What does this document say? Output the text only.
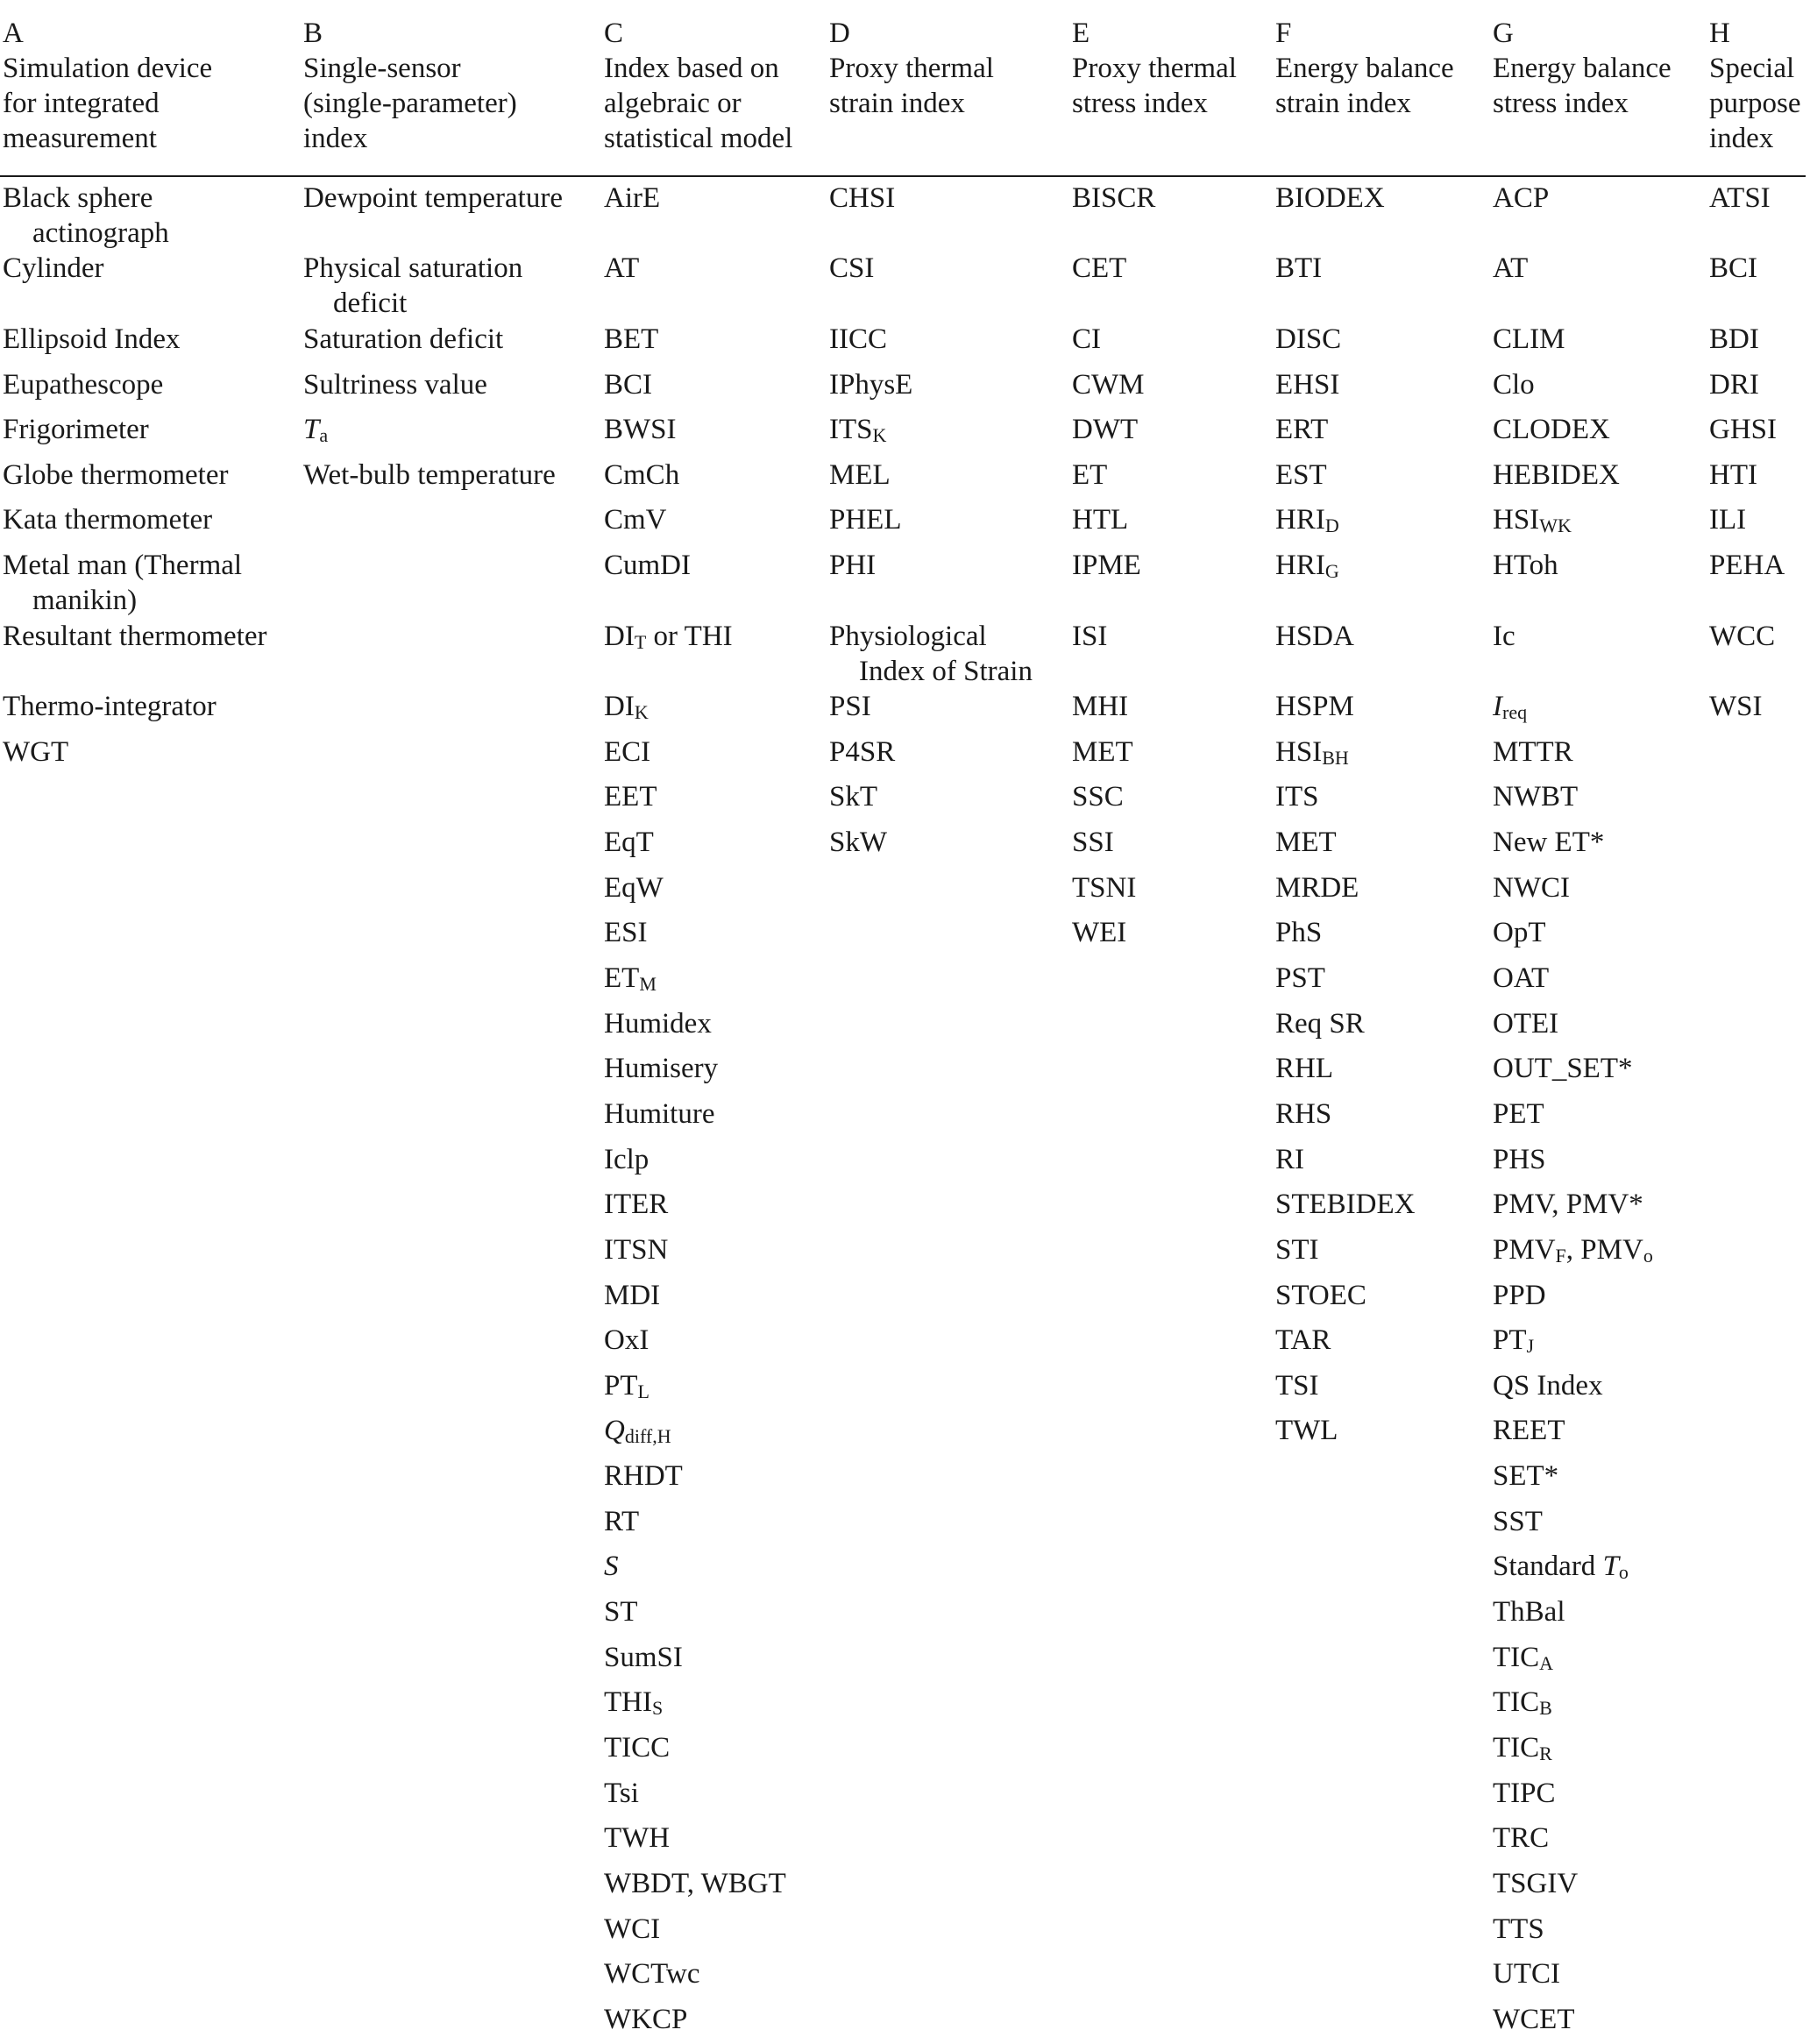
A
Simulation device
for integrated
measurement
Black sphere
actinograph
Cylinder
Ellipsoid Index
Eupathescope
Frigorimeter
Globe thermometer
Kata thermometer
Metal man (Thermal
manikin)
Resultant thermometer
Thermo-integrator
WGT
B
Single-sensor
(single-parameter)
index
Dewpoint temperature
Physical saturation
deficit
Saturation deficit
Sultriness value
$T_a$
Wet-bulb temperature
C
Index based on
algebraic or
statistical model
AirE
AT
BET
BCI
BWSI
CmCh
CmV
CumDI
$DI_T$ or THI
$DI_K$
ECI
EET
EqT
EqW
ESI
$ET_M$
Humidex
Humisery
Humiture
Iclp
ITER
ITSN
MDI
OxI
$PT_L$
$Q_{diff,H}$
RHDT
RT
S
ST
SumSI
$THI_S$
TICC
Tsi
TWH
WBDT, WBGT
WCI
WCTwc
WKCP
D
Proxy thermal
strain index
CHSI
CSI
IICC
IPhysE
$ITS_K$
MEL
PHEL
PHI
Physiological
Index of Strain
PSI
P4SR
SkT
SkW
E
Proxy thermal
stress index
BISCR
CET
CI
CWM
DWT
ET
HTL
IPME
ISI
MHI
MET
SSC
SSI
TSNI
WEI
F
Energy balance
strain index
BIODEX
BTI
DISC
EHSI
ERT
EST
$HRI_D$
$HRI_G$
HSDA
HSPM
$HSI_{BH}$
ITS
MET
MRDE
PhS
PST
Req SR
RHL
RHS
RI
STEBIDEX
STI
STOEC
TAR
TSI
TWL
G
Energy balance
stress index
ACP
AT
CLIM
Clo
CLODEX
HEBIDEX
$HSI_{WK}$
HToh
Ic
$I_{req}$
MTTR
NWBT
New ET*
NWCI
OpT
OAT
OTEI
OUT_SET*
PET
PHS
PMV, PMV*
$PMV_F$, $PMV_o$
PPD
$PT_J$
QS Index
REET
SET*
SST
Standard $T_o$
ThBal
$TIC_A$
$TIC_B$
$TIC_R$
TIPC
TRC
TSGIV
TTS
UTCI
WCET
H
Special
purpose
index
ATSI
BCI
BDI
DRI
GHSI
HTI
ILI
PEHA
WCC
WSI
